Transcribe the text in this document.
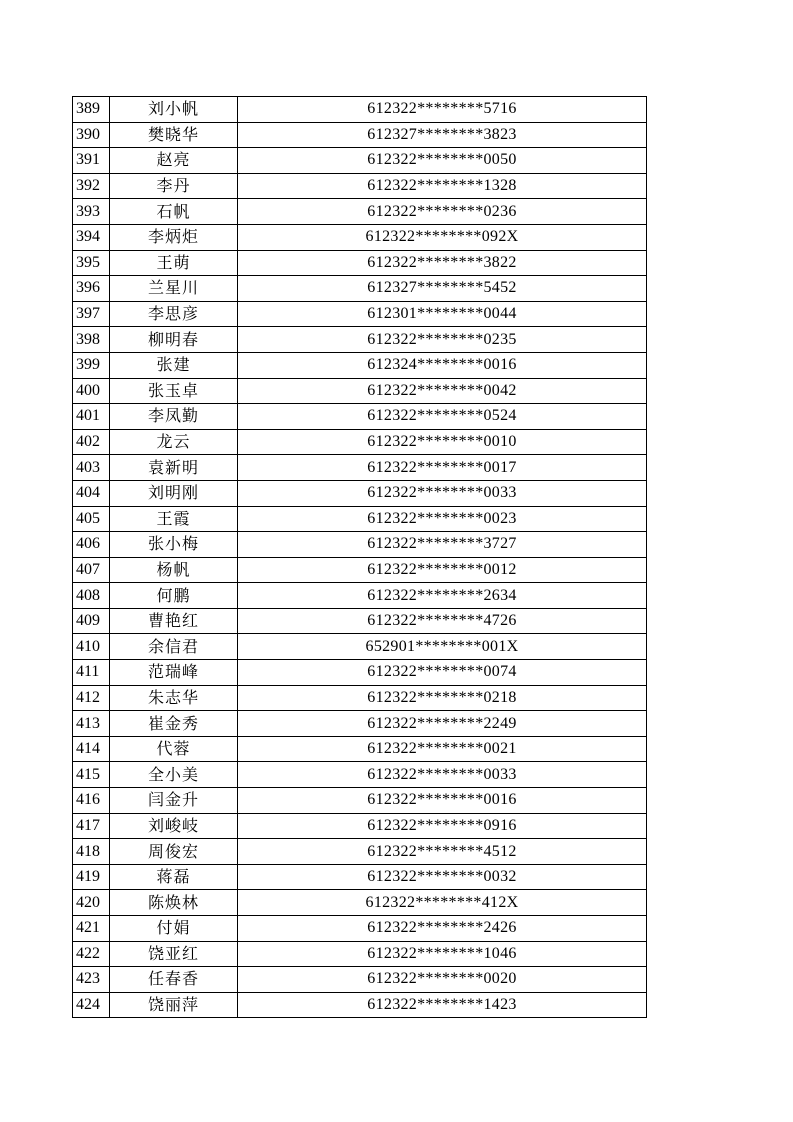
389	刘小帆	612322********5716
390	樊晓华	612327********3823
391	赵亮	612322********0050
392	李丹	612322********1328
393	石帆	612322********0236
394	李炳炬	612322********092X
395	王萌	612322********3822
396	兰星川	612327********5452
397	李思彦	612301********0044
398	柳明春	612322********0235
399	张建	612324********0016
400	张玉卓	612322********0042
401	李凤勤	612322********0524
402	龙云	612322********0010
403	袁新明	612322********0017
404	刘明刚	612322********0033
405	王霞	612322********0023
406	张小梅	612322********3727
407	杨帆	612322********0012
408	何鹏	612322********2634
409	曹艳红	612322********4726
410	余信君	652901********001X
411	范瑞峰	612322********0074
412	朱志华	612322********0218
413	崔金秀	612322********2249
414	代蓉	612322********0021
415	全小美	612322********0033
416	闫金升	612322********0016
417	刘峻岐	612322********0916
418	周俊宏	612322********4512
419	蒋磊	612322********0032
420	陈焕林	612322********412X
421	付娟	612322********2426
422	饶亚红	612322********1046
423	任春香	612322********0020
424	饶丽萍	612322********1423
